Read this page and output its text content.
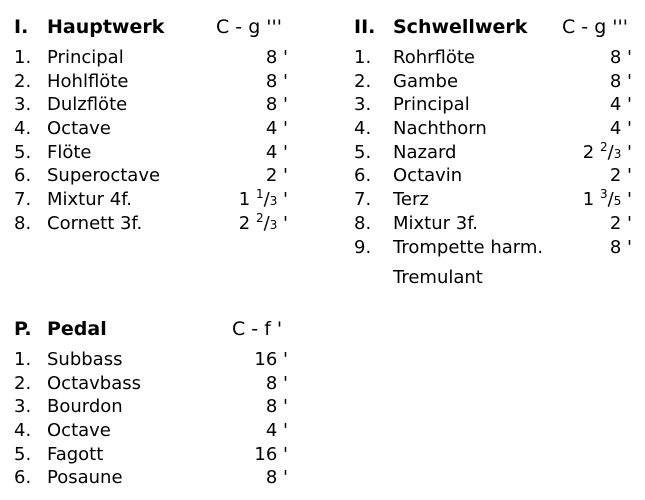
I. Hauptwerk	C - g '''
1. Principal	8 '
2. Hohlflöte	8 '
3. Dulzflöte	8 '
4. Octave	4 '
5. Flöte	4 '
6. Superoctave	2 '
7. Mixtur 4f.	1 $^1$/3 '
8. Cornett 3f.	2 $^2$/3 '
II. Schwellwerk C - g '''
1. Rohrflöte	8 '
2. Gambe	8 '
3. Principal	4 '
4. Nachthorn	4 '
5. Nazard	2 $^2$/3 '
6. Octavin	2 '
7. Terz	1 $^3$/5 '
8. Mixtur 3f.	2 '
9. Trompette harm.	8 '
Tremulant
P. Pedal	C - f '
1. Subbass	16 '
2. Octavbass	8 '
3. Bourdon	8 '
4. Octave	4 '
5. Fagott	16 '
6. Posaune	8 '
